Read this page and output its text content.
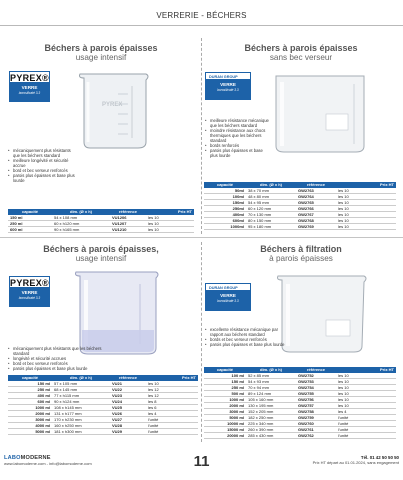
VERRERIE - BÉCHERS
Béchers à parois épaisses
usage intensif
PYREX®
VERRE
borosilicaté 3.3
PYREX
• mécaniquement plus résistants que les béchers standard
• meilleure longévité et sécurité accrue
• bord et bec verseur renforcés
• parois plus épaisses et base plus lourde
capacité	dim. (Ø x h)	référence	Prix HT
150 ml	54 x 108 mm	VU1206	les 10
250 ml	60 x h120 mm	VU1207	les 10
600 ml	90 x h165 mm	VU1210	les 10
Béchers à parois épaisses
sans bec verseur
DURAN GROUP
VERRE
borosilicaté 3.3
• meilleure résistance mécanique que les béchers standard
• moindre résistance aux chocs thermiques que les béchers standard
• bords renforcés
• parois plus épaisses et base plus lourde
capacité	dim. (Ø x h)	référence	Prix HT
50ml	38 x 70 mm	GW2763	les 10
100ml	48 x 80 mm	GW2764	les 10
150ml	54 x 95 mm	GW2765	les 10
250ml	60 x 120 mm	GW2766	les 10
400ml	70 x 130 mm	GW2767	les 10
600ml	80 x 150 mm	GW2768	les 10
1000ml	95 x 180 mm	GW2769	les 10
Béchers à parois épaisses,
usage intensif
PYREX®
VERRE
borosilicaté 3.3
• mécaniquement plus résistants que les béchers standard
• longévité et sécurité accrues
• bord et bec verseur renforcés
• parois plus épaisses et base plus lourde
capacité	dim. (Ø x h)	référence	Prix HT
150 ml	57 x 105 mm	VU21	les 10
250 ml	68 x 145 mm	VU22	les 12
400 ml	77 x h115 mm	VU23	les 12
600 ml	90 x h124 mm	VU24	les 8
1000 ml	108 x h145 mm	VU25	les 6
2000 ml	131 x h177 mm	VU26	les 4
3000 ml	170 x h230 mm	VU27	l'unité
4000 ml	160 x h250 mm	VU28	l'unité
5000 ml	181 x h300 mm	VU29	l'unité
Béchers à filtration
à parois épaisses
DURAN GROUP
VERRE
borosilicaté 3.3
• excellente résistance mécanique par rapport aux béchers standard
• bords et bec verseur renforcés
• parois plus épaisses et base plus lourde
capacité	dim. (Ø x h)	référence	Prix HT
100 ml	52 x 85 mm	GW2752	les 10
150 ml	54 x 93 mm	GW2753	les 10
250 ml	70 x 94 mm	GW2754	les 10
500 ml	89 x 124 mm	GW2755	les 10
1000 ml	105 x 160 mm	GW2756	les 10
2000 ml	130 x 195 mm	GW2757	les 10
3000 ml	152 x 205 mm	GW2758	les 4
5000 ml	182 x 250 mm	GW2759	l'unité
10000 ml	225 x 340 mm	GW2760	l'unité
15000 ml	260 x 390 mm	GW2761	l'unité
20000 ml	285 x 430 mm	GW2762	l'unité
LABOMODERNE
www.labomoderne.com - info@labomoderne.com	11	Tél. 01 42 50 50 50
Prix HT départ au 01.01.2024, sans engagement
